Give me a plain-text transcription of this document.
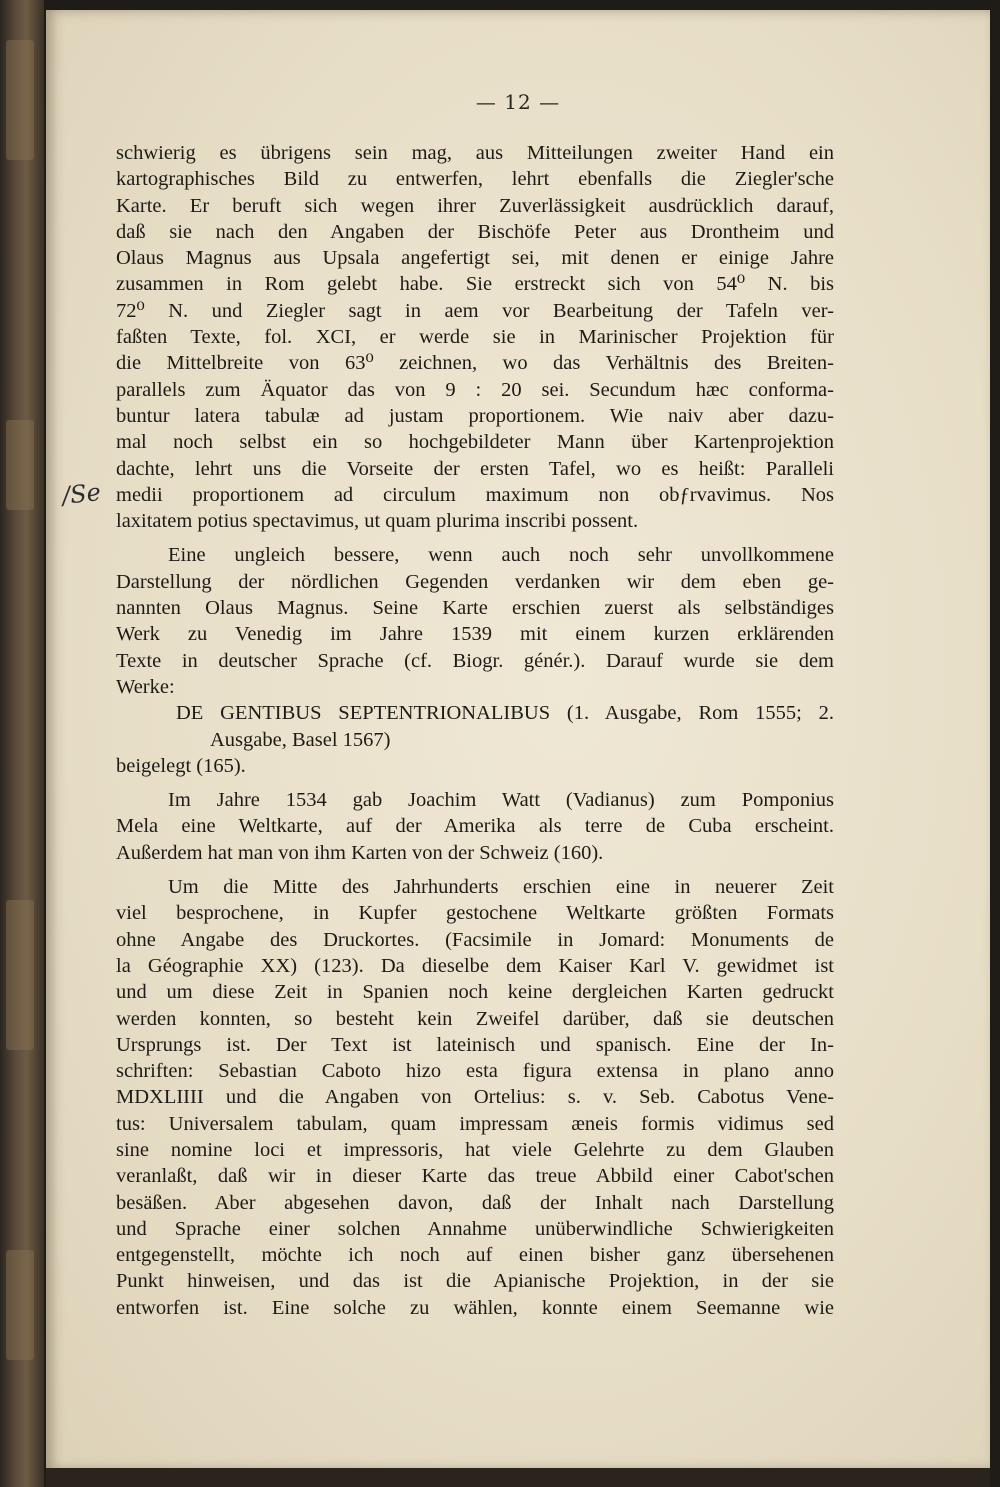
— 12 —
/Se
schwierig es übrigens sein mag, aus Mitteilungen zweiter Hand ein
kartographisches Bild zu entwerfen, lehrt ebenfalls die Ziegler'sche
Karte. Er beruft sich wegen ihrer Zuverlässigkeit ausdrücklich darauf,
daß sie nach den Angaben der Bischöfe Peter aus Drontheim und
Olaus Magnus aus Upsala angefertigt sei, mit denen er einige Jahre
zusammen in Rom gelebt habe. Sie erstreckt sich von 54⁰ N. bis
72⁰ N. und Ziegler sagt in aem vor Bearbeitung der Tafeln ver-
faßten Texte, fol. XCI, er werde sie in Marinischer Projektion für
die Mittelbreite von 63⁰ zeichnen, wo das Verhältnis des Breiten-
parallels zum Äquator das von 9 : 20 sei. Secundum hæc conforma-
buntur latera tabulæ ad justam proportionem. Wie naiv aber dazu-
mal noch selbst ein so hochgebildeter Mann über Kartenprojektion
dachte, lehrt uns die Vorseite der ersten Tafel, wo es heißt: Paralleli
medii proportionem ad circulum maximum non obƒrvavimus. Nos
laxitatem potius spectavimus, ut quam plurima inscribi possent.
Eine ungleich bessere, wenn auch noch sehr unvollkommene
Darstellung der nördlichen Gegenden verdanken wir dem eben ge-
nannten Olaus Magnus. Seine Karte erschien zuerst als selbständiges
Werk zu Venedig im Jahre 1539 mit einem kurzen erklärenden
Texte in deutscher Sprache (cf. Biogr. génér.). Darauf wurde sie dem
Werke:
DE GENTIBUS SEPTENTRIONALIBUS (1. Ausgabe, Rom 1555; 2.
Ausgabe, Basel 1567)
beigelegt (165).
Im Jahre 1534 gab Joachim Watt (Vadianus) zum Pomponius
Mela eine Weltkarte, auf der Amerika als terre de Cuba erscheint.
Außerdem hat man von ihm Karten von der Schweiz (160).
Um die Mitte des Jahrhunderts erschien eine in neuerer Zeit
viel besprochene, in Kupfer gestochene Weltkarte größten Formats
ohne Angabe des Druckortes. (Facsimile in Jomard: Monuments de
la Géographie XX) (123). Da dieselbe dem Kaiser Karl V. gewidmet ist
und um diese Zeit in Spanien noch keine dergleichen Karten gedruckt
werden konnten, so besteht kein Zweifel darüber, daß sie deutschen
Ursprungs ist. Der Text ist lateinisch und spanisch. Eine der In-
schriften: Sebastian Caboto hizo esta figura extensa in plano anno
MDXLIIII und die Angaben von Ortelius: s. v. Seb. Cabotus Vene-
tus: Universalem tabulam, quam impressam æneis formis vidimus sed
sine nomine loci et impressoris, hat viele Gelehrte zu dem Glauben
veranlaßt, daß wir in dieser Karte das treue Abbild einer Cabot'schen
besäßen. Aber abgesehen davon, daß der Inhalt nach Darstellung
und Sprache einer solchen Annahme unüberwindliche Schwierigkeiten
entgegenstellt, möchte ich noch auf einen bisher ganz übersehenen
Punkt hinweisen, und das ist die Apianische Projektion, in der sie
entworfen ist. Eine solche zu wählen, konnte einem Seemanne wie
